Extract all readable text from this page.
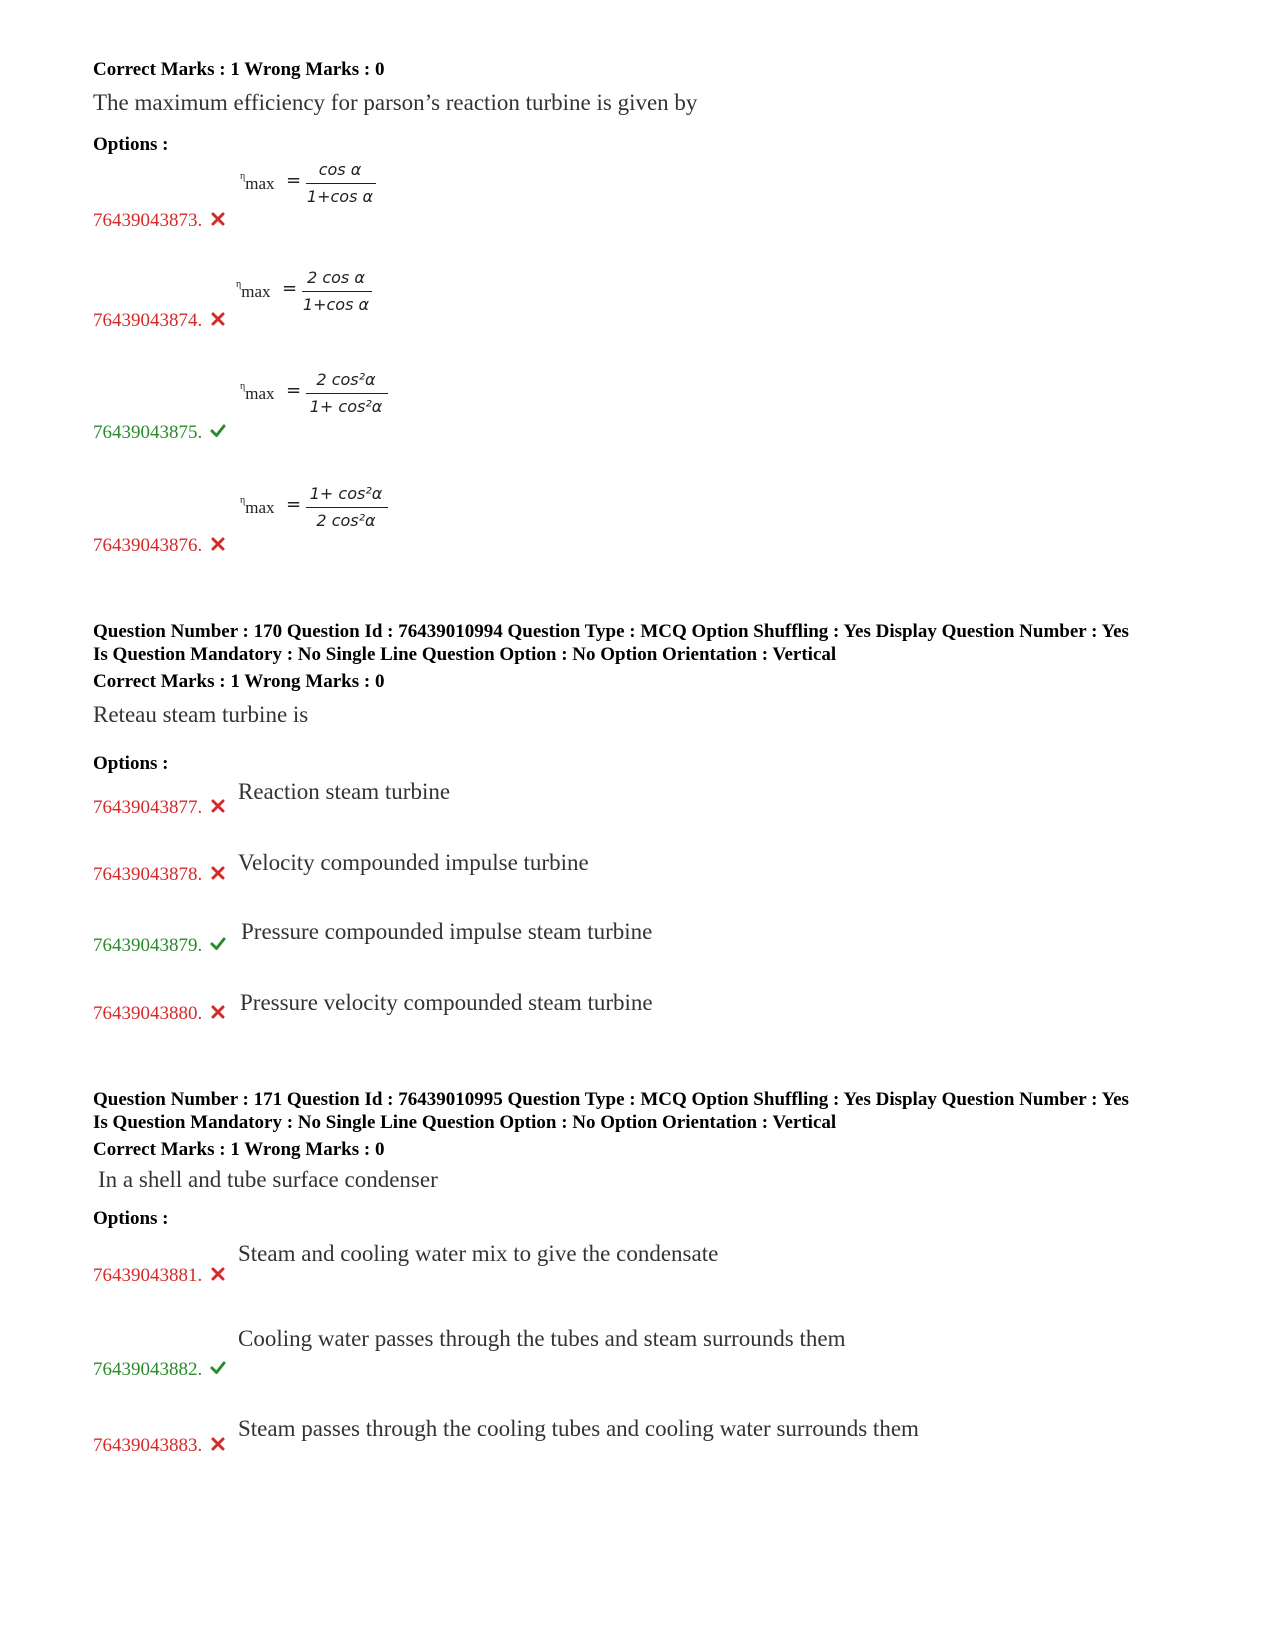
Correct Marks : 1 Wrong Marks : 0
The maximum efficiency for parson’s reaction turbine is given by
Options :
$^\eta$max =
cos α
1+cos α
76439043873.
$^\eta$max =
2 cos α
1+cos α
76439043874.
$^\eta$max =
2 cos²α
1+ cos²α
76439043875.
$^\eta$max =
1+ cos²α
2 cos²α
76439043876.
Question Number : 170 Question Id : 76439010994 Question Type : MCQ Option Shuffling : Yes Display Question Number : Yes Is Question Mandatory : No Single Line Question Option : No Option Orientation : Vertical
Correct Marks : 1 Wrong Marks : 0
Reteau steam turbine is
Options :
76439043877.
Reaction steam turbine
76439043878.	Velocity compounded impulse turbine
76439043879.
Pressure compounded impulse steam turbine
76439043880.	Pressure velocity compounded steam turbine
Question Number : 171 Question Id : 76439010995 Question Type : MCQ Option Shuffling : Yes Display Question Number : Yes Is Question Mandatory : No Single Line Question Option : No Option Orientation : Vertical
Correct Marks : 1 Wrong Marks : 0
In a shell and tube surface condenser
Options :
Steam and cooling water mix to give the condensate
76439043881.
Cooling water passes through the tubes and steam surrounds them
76439043882.
Steam passes through the cooling tubes and cooling water surrounds them
76439043883.
